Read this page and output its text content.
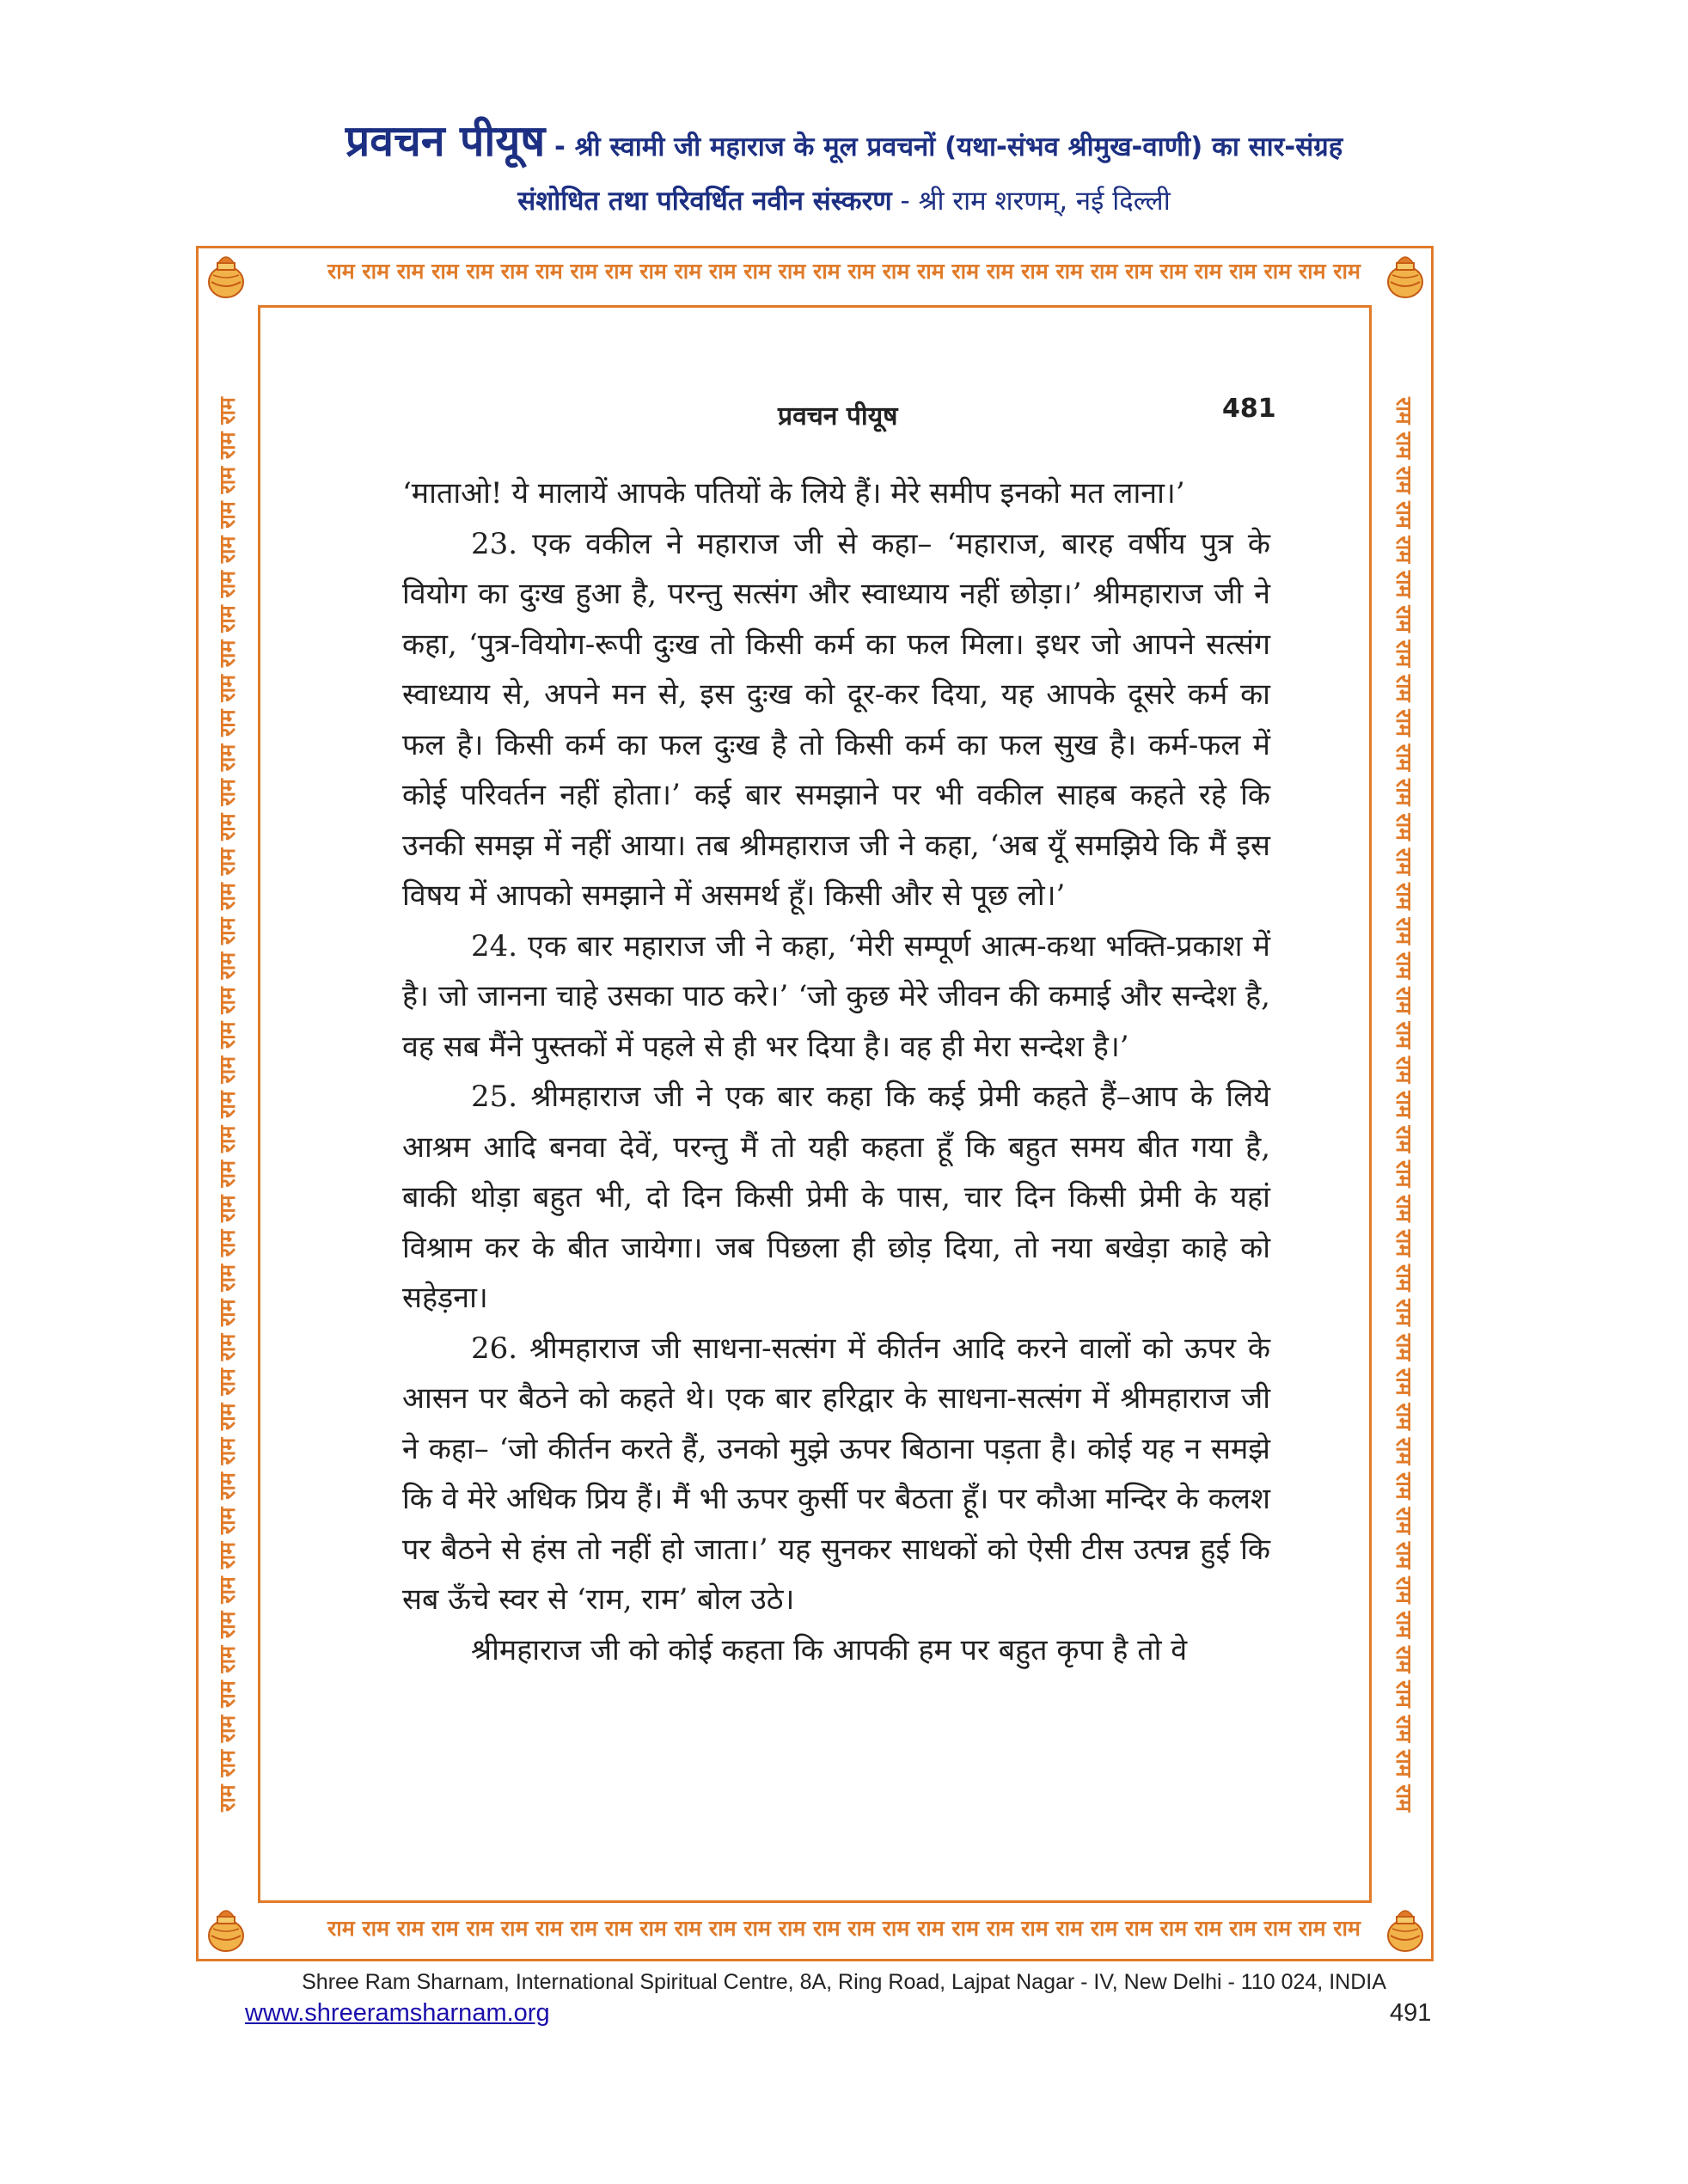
प्रवचन पीयूष - श्री स्वामी जी महाराज के मूल प्रवचनों (यथा-संभव श्रीमुख-वाणी) का सार-संग्रह
संशोधित तथा परिवर्धित नवीन संस्करण - श्री राम शरणम्, नई दिल्ली
राम राम राम राम राम राम राम राम राम राम राम राम राम राम राम राम राम राम राम राम राम राम राम राम राम राम राम राम राम राम
राम राम राम राम राम राम राम राम राम राम राम राम राम राम राम राम राम राम राम राम राम राम राम राम राम राम राम राम राम राम
राम राम राम राम राम राम राम राम राम राम राम राम राम राम राम राम राम राम राम राम राम राम राम राम राम राम राम राम राम राम राम राम राम राम राम राम राम राम राम राम राम	राम राम राम राम राम राम राम राम राम राम राम राम राम राम राम राम राम राम राम राम राम राम राम राम राम राम राम राम राम राम राम राम राम राम राम राम राम राम राम राम राम
प्रवचन पीयूष	481

‘माताओ! ये मालायें आपके पतियों के लिये हैं। मेरे समीप इनको मत लाना।’

23. एक वकील ने महाराज जी से कहा– ‘महाराज, बारह वर्षीय पुत्र के वियोग का दुःख हुआ है, परन्तु सत्संग और स्वाध्याय नहीं छोड़ा।’ श्रीमहाराज जी ने कहा, ‘पुत्र-वियोग-रूपी दुःख तो किसी कर्म का फल मिला। इधर जो आपने सत्संग स्वाध्याय से, अपने मन से, इस दुःख को दूर-कर दिया, यह आपके दूसरे कर्म का फल है। किसी कर्म का फल दुःख है तो किसी कर्म का फल सुख है। कर्म-फल में कोई परिवर्तन नहीं होता।’ कई बार समझाने पर भी वकील साहब कहते रहे कि उनकी समझ में नहीं आया। तब श्रीमहाराज जी ने कहा, ‘अब यूँ समझिये कि मैं इस विषय में आपको समझाने में असमर्थ हूँ। किसी और से पूछ लो।’

24. एक बार महाराज जी ने कहा, ‘मेरी सम्पूर्ण आत्म-कथा भक्ति-प्रकाश में है। जो जानना चाहे उसका पाठ करे।’ ‘जो कुछ मेरे जीवन की कमाई और सन्देश है, वह सब मैंने पुस्तकों में पहले से ही भर दिया है। वह ही मेरा सन्देश है।’

25. श्रीमहाराज जी ने एक बार कहा कि कई प्रेमी कहते हैं–आप के लिये आश्रम आदि बनवा देवें, परन्तु मैं तो यही कहता हूँ कि बहुत समय बीत गया है, बाकी थोड़ा बहुत भी, दो दिन किसी प्रेमी के पास, चार दिन किसी प्रेमी के यहां विश्राम कर के बीत जायेगा। जब पिछला ही छोड़ दिया, तो नया बखेड़ा काहे को सहेड़ना।

26. श्रीमहाराज जी साधना-सत्संग में कीर्तन आदि करने वालों को ऊपर के आसन पर बैठने को कहते थे। एक बार हरिद्वार के साधना-सत्संग में श्रीमहाराज जी ने कहा– ‘जो कीर्तन करते हैं, उनको मुझे ऊपर बिठाना पड़ता है। कोई यह न समझे कि वे मेरे अधिक प्रिय हैं। मैं भी ऊपर कुर्सी पर बैठता हूँ। पर कौआ मन्दिर के कलश पर बैठने से हंस तो नहीं हो जाता।’ यह सुनकर साधकों को ऐसी टीस उत्पन्न हुई कि सब ऊँचे स्वर से ‘राम, राम’ बोल उठे।

श्रीमहाराज जी को कोई कहता कि आपकी हम पर बहुत कृपा है तो वे

Shree Ram Sharnam, International Spiritual Centre, 8A, Ring Road, Lajpat Nagar - IV, New Delhi - 110 024, INDIA
www.shreeramsharnam.org	491
